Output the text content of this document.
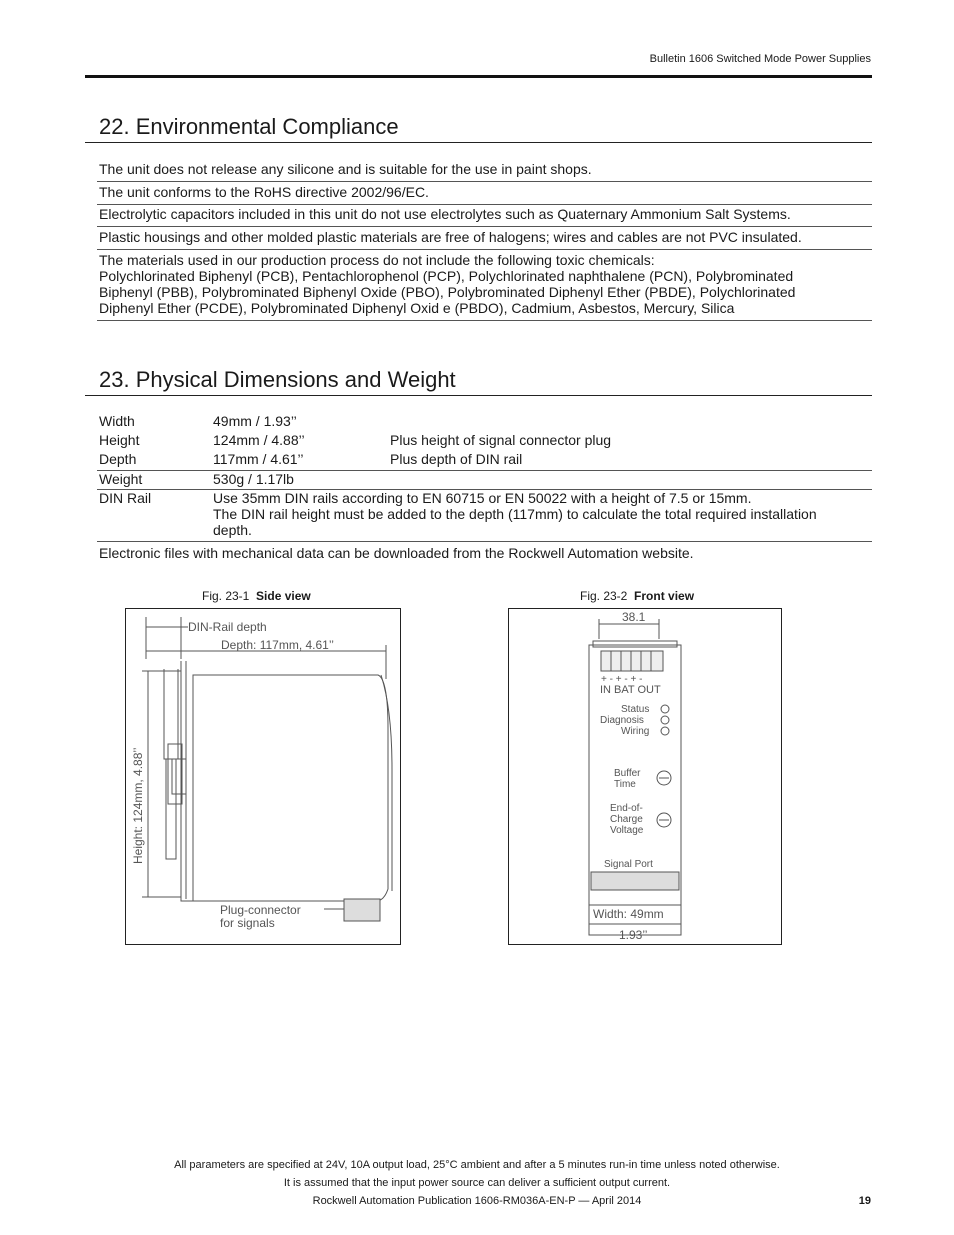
Bulletin 1606 Switched Mode Power Supplies
22. Environmental Compliance
The unit does not release any silicone and is suitable for the use in paint shops.
The unit conforms to the RoHS directive 2002/96/EC.
Electrolytic capacitors included in this unit do not use electrolytes such as Quaternary Ammonium Salt Systems.
Plastic housings and other molded plastic materials are free of halogens; wires and cables are not PVC insulated.
The materials used in our production process do not include the following toxic chemicals:
Polychlorinated Biphenyl (PCB), Pentachlorophenol (PCP), Polychlorinated naphthalene (PCN), Polybrominated
Biphenyl (PBB), Polybrominated Biphenyl Oxide (PBO), Polybrominated Diphenyl Ether (PBDE), Polychlorinated
Diphenyl Ether (PCDE), Polybrominated Diphenyl Oxid e (PBDO), Cadmium, Asbestos, Mercury, Silica
23. Physical Dimensions and Weight
Width	49mm / 1.93’’
Height	124mm / 4.88’’	Plus height of signal connector plug
Depth	117mm / 4.61’’	Plus depth of DIN rail
Weight	530g / 1.17lb
DIN Rail	Use 35mm DIN rails according to EN 60715 or EN 50022 with a height of 7.5 or 15mm.
The DIN rail height must be added to the depth (117mm) to calculate the total required installation
depth.
Electronic files with mechanical data can be downloaded from the Rockwell Automation website.
Fig. 23-1 Side view	Fig. 23-2 Front view
DIN-Rail depth
Depth: 117mm, 4.61’’
Height: 124mm, 4.88’’
Plug-connector
for signals
38.1
+ - + - + -
IN BAT OUT
Status
Diagnosis
Wiring
Buffer
Time
End-of-
Charge
Voltage
Signal Port
Width: 49mm
1.93’’
All parameters are specified at 24V, 10A output load, 25°C ambient and after a 5 minutes run-in time unless noted otherwise.
It is assumed that the input power source can deliver a sufficient output current.
Rockwell Automation Publication 1606-RM036A-EN-P — April 2014	19
